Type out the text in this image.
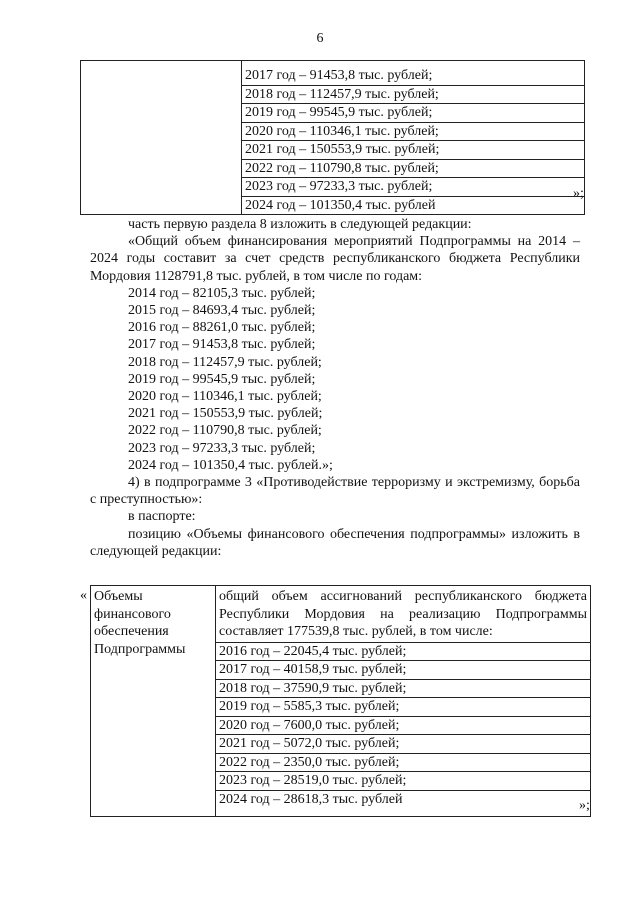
6

2017 год – 91453,8 тыс. рублей;
2018 год – 112457,9 тыс. рублей;
2019 год – 99545,9 тыс. рублей;
2020 год – 110346,1 тыс. рублей;
2021 год – 150553,9 тыс. рублей;
2022 год – 110790,8 тыс. рублей;
2023 год – 97233,3 тыс. рублей;
2024 год – 101350,4 тыс. рублей
»;

часть первую раздела 8 изложить в следующей редакции:

«Общий объем финансирования мероприятий Подпрограммы на 2014 – 2024 годы составит за счет средств республиканского бюджета Республики Мордовия 1128791,8 тыс. рублей, в том числе по годам:

2014 год – 82105,3 тыс. рублей;

2015 год – 84693,4 тыс. рублей;

2016 год – 88261,0 тыс. рублей;

2017 год – 91453,8 тыс. рублей;

2018 год – 112457,9 тыс. рублей;

2019 год – 99545,9 тыс. рублей;

2020 год – 110346,1 тыс. рублей;

2021 год – 150553,9 тыс. рублей;

2022 год – 110790,8 тыс. рублей;

2023 год – 97233,3 тыс. рублей;

2024 год – 101350,4 тыс. рублей.»;

4) в подпрограмме 3 «Противодействие терроризму и экстремизму, борьба с преступностью»:

в паспорте:

позицию «Объемы финансового обеспечения подпрограммы» изложить в следующей редакции:

« Объемы финансового обеспечения Подпрограммы	
общий объем ассигнований республиканского бюджета Республики Мордовия на реализацию Подпрограммы составляет 177539,8 тыс. рублей, в том числе:
2016 год – 22045,4 тыс. рублей;
2017 год – 40158,9 тыс. рублей;
2018 год – 37590,9 тыс. рублей;
2019 год – 5585,3 тыс. рублей;
2020 год – 7600,0 тыс. рублей;
2021 год – 5072,0 тыс. рублей;
2022 год – 2350,0 тыс. рублей;
2023 год – 28519,0 тыс. рублей;
2024 год – 28618,3 тыс. рублей	»;
